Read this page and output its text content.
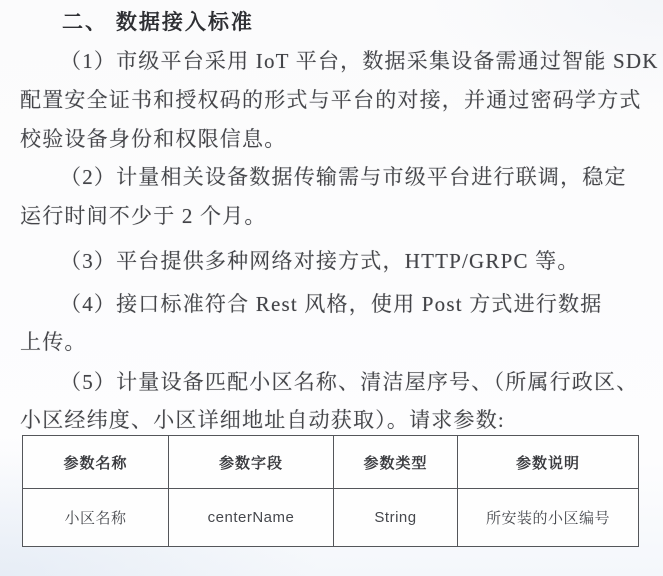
二、 数据接入标准
（1）市级平台采用 IoT 平台，数据采集设备需通过智能 SDK
配置安全证书和授权码的形式与平台的对接，并通过密码学方式
校验设备身份和权限信息。
（2）计量相关设备数据传输需与市级平台进行联调，稳定
运行时间不少于 2 个月。
（3）平台提供多种网络对接方式，HTTP/GRPC 等。
（4）接口标准符合 Rest 风格，使用 Post 方式进行数据
上传。
（5）计量设备匹配小区名称、清洁屋序号、（所属行政区、
小区经纬度、小区详细地址自动获取）。请求参数:
参数名称	参数字段	参数类型	参数说明
小区名称	centerName	String	所安装的小区编号
